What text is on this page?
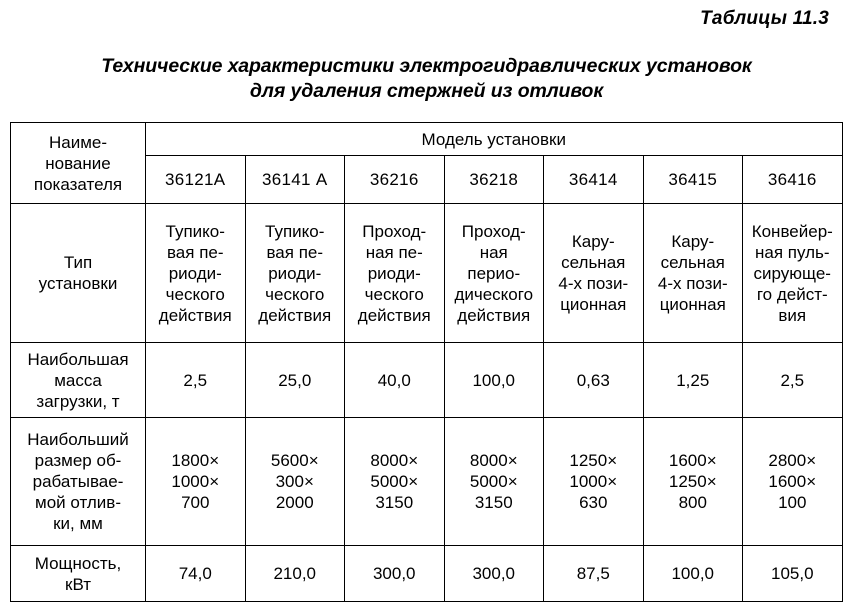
Таблицы 11.3
Технические характеристики электрогидравлических установок
для удаления стержней из отливок
Наиме-
нование
показателя	Модель установки						
	36121А	36141 А	36216	36218	36414	36415	36416

Тип
установки	Тупико-
вая пе-
риоди-
ческого
действия	Тупико-
вая пе-
риоди-
ческого
действия	Проход-
ная пе-
риоди-
ческого
действия	Проход-
ная
перио-
дического
действия	Кару-
сельная
4-х пози-
ционная	Кару-
сельная
4-х пози-
ционная	Конвейер-
ная пуль-
сирующе-
го дейст-
вия

Наибольшая
масса
загрузки, т	2,5	25,0	40,0	100,0	0,63	1,25	2,5

Наибольший
размер об-
рабатывае-
мой отлив-
ки, мм	1800×
1000×
700	5600×
300×
2000	8000×
5000×
3150	8000×
5000×
3150	1250×
1000×
630	1600×
1250×
800	2800×
1600×
100

Мощность,
кВт	74,0	210,0	300,0	300,0	87,5	100,0	105,0
